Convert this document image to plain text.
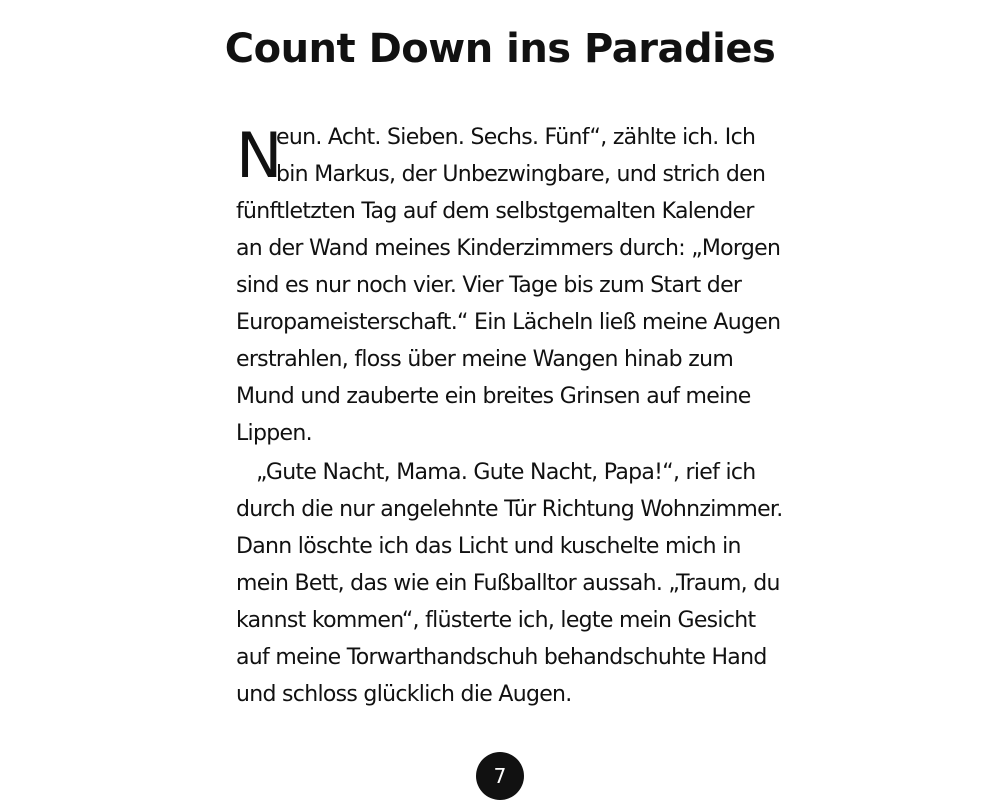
Count Down ins Paradies
N

eun. Acht. Sieben. Sechs. Fünf“, zählte ich. Ich
bin Markus, der Unbezwingbare, und strich den
fünftletzten Tag auf dem selbstgemalten Kalender
an der Wand meines Kinderzimmers durch: „Morgen
sind es nur noch vier. Vier Tage bis zum Start der
Europameisterschaft.“ Ein Lächeln ließ meine Augen
erstrahlen, floss über meine Wangen hinab zum
Mund und zauberte ein breites Grinsen auf meine
Lippen.

„Gute Nacht, Mama. Gute Nacht, Papa!“, rief ich
durch die nur angelehnte Tür Richtung Wohnzimmer.
Dann löschte ich das Licht und kuschelte mich in
mein Bett, das wie ein Fußballtor aussah. „Traum, du
kannst kommen“, flüsterte ich, legte mein Gesicht
auf meine Torwarthandschuh behandschuhte Hand
und schloss glücklich die Augen.

7
